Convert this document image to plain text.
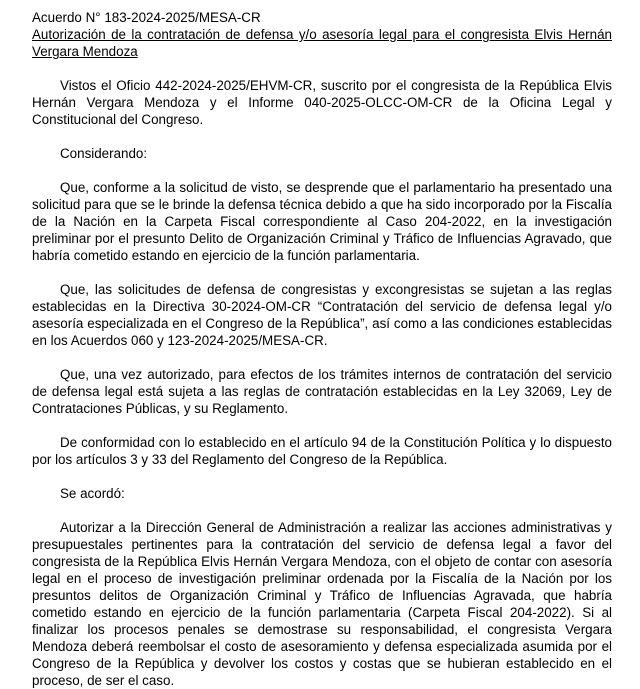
Acuerdo N° 183-2024-2025/MESA-CR

Autorización de la contratación de defensa y/o asesoría legal para el congresista Elvis Hernán Vergara Mendoza

Vistos el Oficio 442-2024-2025/EHVM-CR, suscrito por el congresista de la República Elvis Hernán Vergara Mendoza y el Informe 040-2025-OLCC-OM-CR de la Oficina Legal y Constitucional del Congreso.

Considerando:

Que, conforme a la solicitud de visto, se desprende que el parlamentario ha presentado una solicitud para que se le brinde la defensa técnica debido a que ha sido incorporado por la Fiscalía de la Nación en la Carpeta Fiscal correspondiente al Caso 204-2022, en la investigación preliminar por el presunto Delito de Organización Criminal y Tráfico de Influencias Agravado, que habría cometido estando en ejercicio de la función parlamentaria.

Que, las solicitudes de defensa de congresistas y excongresistas se sujetan a las reglas establecidas en la Directiva 30-2024-OM-CR “Contratación del servicio de defensa legal y/o asesoría especializada en el Congreso de la República”, así como a las condiciones establecidas en los Acuerdos 060 y 123-2024-2025/MESA-CR.

Que, una vez autorizado, para efectos de los trámites internos de contratación del servicio de defensa legal está sujeta a las reglas de contratación establecidas en la Ley 32069, Ley de Contrataciones Públicas, y su Reglamento.

De conformidad con lo establecido en el artículo 94 de la Constitución Política y lo dispuesto por los artículos 3 y 33 del Reglamento del Congreso de la República.

Se acordó:

Autorizar a la Dirección General de Administración a realizar las acciones administrativas y presupuestales pertinentes para la contratación del servicio de defensa legal a favor del congresista de la República Elvis Hernán Vergara Mendoza, con el objeto de contar con asesoría legal en el proceso de investigación preliminar ordenada por la Fiscalía de la Nación por los presuntos delitos de Organización Criminal y Tráfico de Influencias Agravada, que habría cometido estando en ejercicio de la función parlamentaria (Carpeta Fiscal 204-2022). Si al finalizar los procesos penales se demostrase su responsabilidad, el congresista Vergara Mendoza deberá reembolsar el costo de asesoramiento y defensa especializada asumida por el Congreso de la República y devolver los costos y costas que se hubieran establecido en el proceso, de ser el caso.
